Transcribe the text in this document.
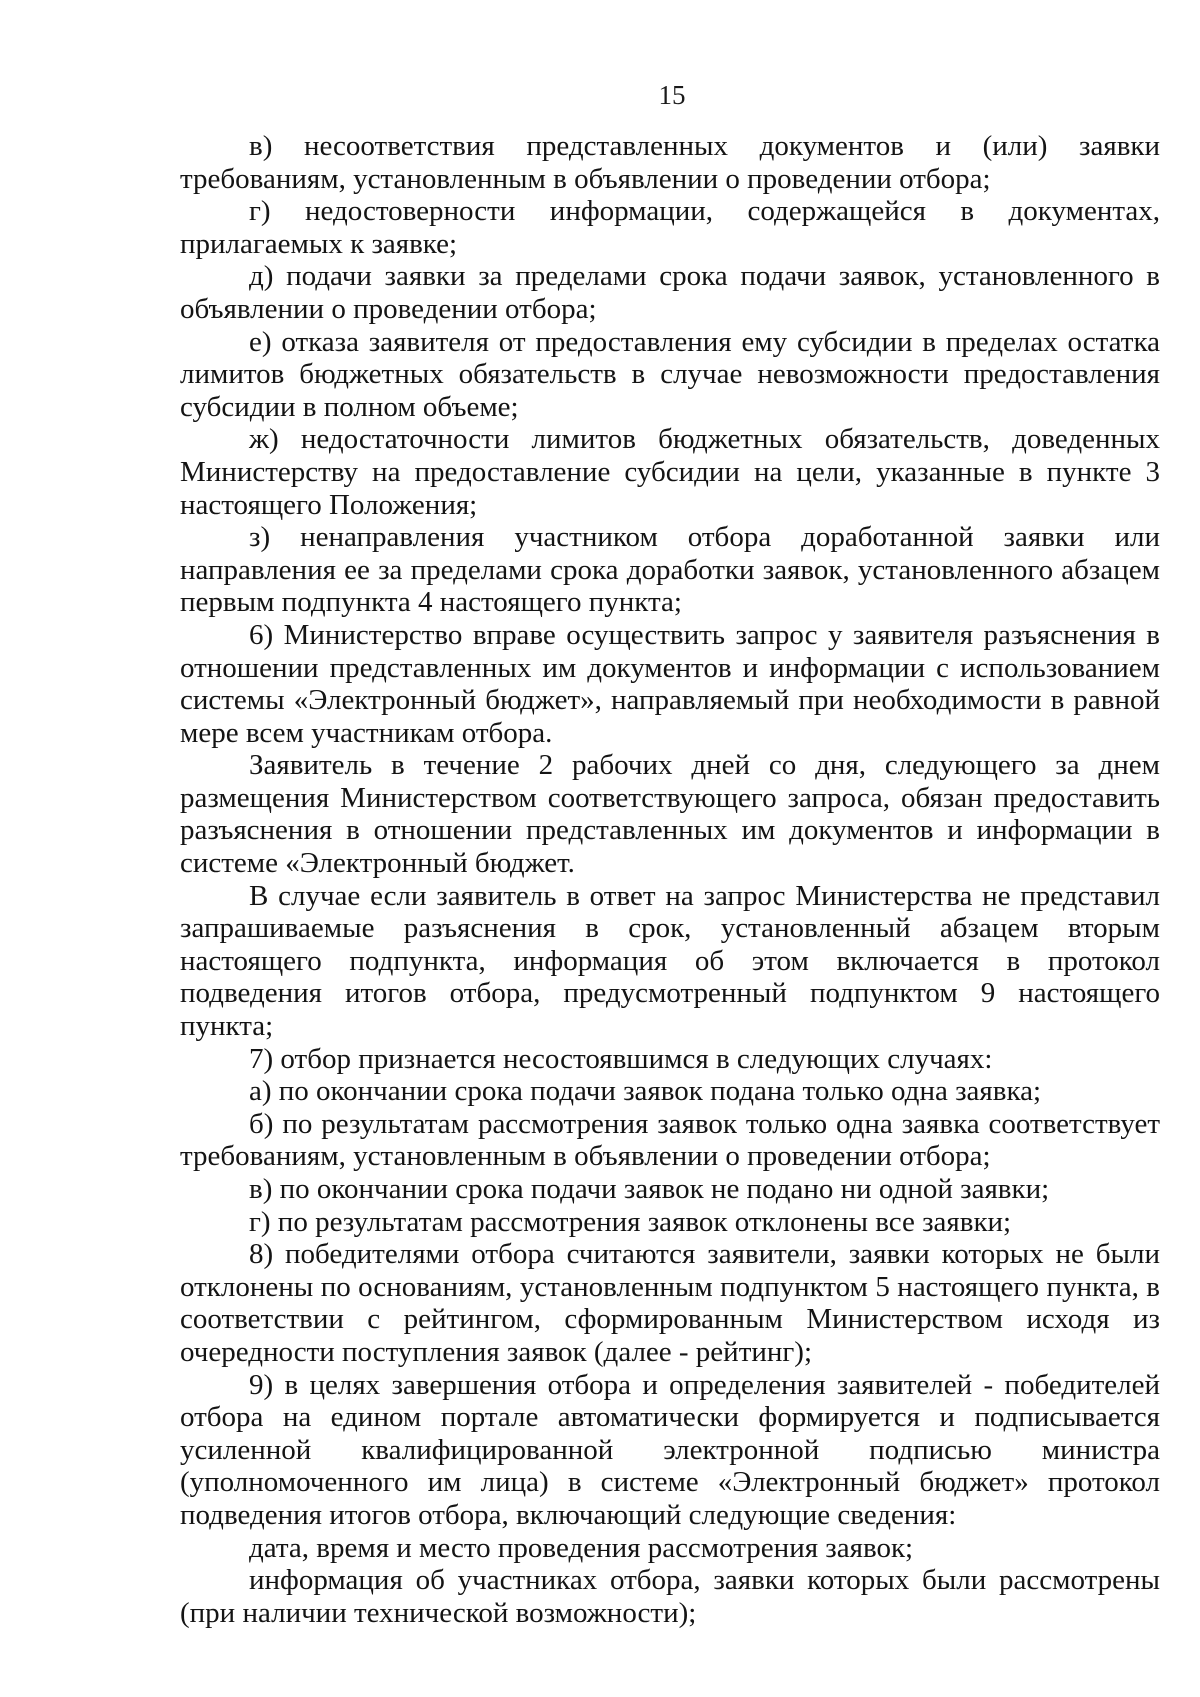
15

в) несоответствия представленных документов и (или) заявки требованиям, установленным в объявлении о проведении отбора;

г) недостоверности информации, содержащейся в документах, прилагаемых к заявке;

д) подачи заявки за пределами срока подачи заявок, установленного в объявлении о проведении отбора;

е) отказа заявителя от предоставления ему субсидии в пределах остатка лимитов бюджетных обязательств в случае невозможности предоставления субсидии в полном объеме;

ж) недостаточности лимитов бюджетных обязательств, доведенных Министерству на предоставление субсидии на цели, указанные в пункте 3 настоящего Положения;

з) ненаправления участником отбора доработанной заявки или направления ее за пределами срока доработки заявок, установленного абзацем первым подпункта 4 настоящего пункта;

6) Министерство вправе осуществить запрос у заявителя разъяснения в отношении представленных им документов и информации с использованием системы «Электронный бюджет», направляемый при необходимости в равной мере всем участникам отбора.

Заявитель в течение 2 рабочих дней со дня, следующего за днем размещения Министерством соответствующего запроса, обязан предоставить разъяснения в отношении представленных им документов и информации в системе «Электронный бюджет.

В случае если заявитель в ответ на запрос Министерства не представил запрашиваемые разъяснения в срок, установленный абзацем вторым настоящего подпункта, информация об этом включается в протокол подведения итогов отбора, предусмотренный подпунктом 9 настоящего пункта;

7) отбор признается несостоявшимся в следующих случаях:

а) по окончании срока подачи заявок подана только одна заявка;

б) по результатам рассмотрения заявок только одна заявка соответствует требованиям, установленным в объявлении о проведении отбора;

в) по окончании срока подачи заявок не подано ни одной заявки;

г) по результатам рассмотрения заявок отклонены все заявки;

8) победителями отбора считаются заявители, заявки которых не были отклонены по основаниям, установленным подпунктом 5 настоящего пункта, в соответствии с рейтингом, сформированным Министерством исходя из очередности поступления заявок (далее - рейтинг);

9) в целях завершения отбора и определения заявителей - победителей отбора на едином портале автоматически формируется и подписывается усиленной квалифицированной электронной подписью министра (уполномоченного им лица) в системе «Электронный бюджет» протокол подведения итогов отбора, включающий следующие сведения:

дата, время и место проведения рассмотрения заявок;

информация об участниках отбора, заявки которых были рассмотрены (при наличии технической возможности);
